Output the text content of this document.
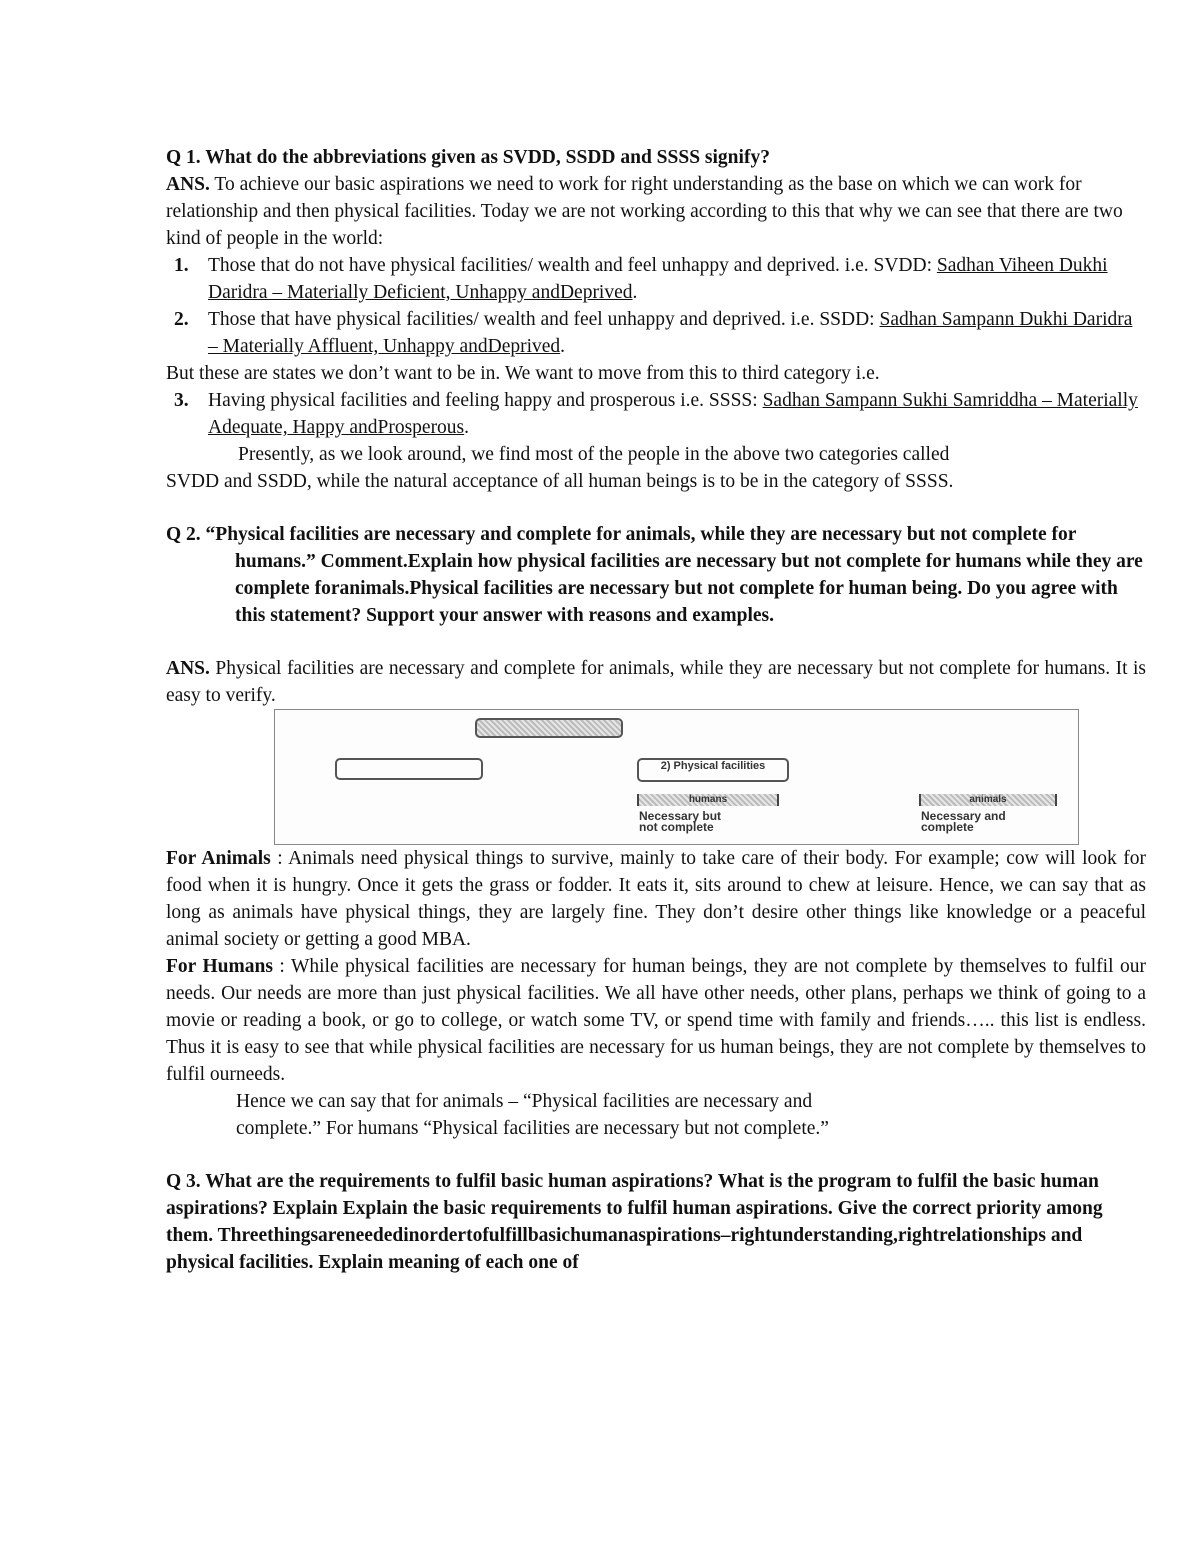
Q 1. What do the abbreviations given as SVDD, SSDD and SSSS signify?

ANS. To achieve our basic aspirations we need to work for right understanding as the base on which we can work for relationship and then physical facilities. Today we are not working according to this that why we can see that there are two kind of people in the world:

1. Those that do not have physical facilities/ wealth and feel unhappy and deprived. i.e. SVDD: Sadhan Viheen Dukhi Daridra – Materially Deficient, Unhappy andDeprived.
2. Those that have physical facilities/ wealth and feel unhappy and deprived. i.e. SSDD: Sadhan Sampann Dukhi Daridra – Materially Affluent, Unhappy andDeprived.

But these are states we don’t want to be in. We want to move from this to third category i.e.

3. Having physical facilities and feeling happy and prosperous i.e. SSSS: Sadhan Sampann Sukhi Samriddha – Materially Adequate, Happy andProsperous.

Presently, as we look around, we find most of the people in the above two categories called

SVDD and SSDD, while the natural acceptance of all human beings is to be in the category of SSSS.

Q 2. “Physical facilities are necessary and complete for animals, while they are necessary but not complete for humans.” Comment.Explain how physical facilities are necessary but not complete for humans while they are complete foranimals.Physical facilities are necessary but not complete for human being. Do you agree with this statement? Support your answer with reasons and examples.

ANS. Physical facilities are necessary and complete for animals, while they are necessary but not complete for humans. It is easy to verify.

2) Physical facilities
humans
Necessary but not complete
animals
Necessary and complete

For Animals : Animals need physical things to survive, mainly to take care of their body. For example; cow will look for food when it is hungry. Once it gets the grass or fodder. It eats it, sits around to chew at leisure. Hence, we can say that as long as animals have physical things, they are largely fine. They don’t desire other things like knowledge or a peaceful animal society or getting a good MBA.

For Humans : While physical facilities are necessary for human beings, they are not complete by themselves to fulfil our needs. Our needs are more than just physical facilities. We all have other needs, other plans, perhaps we think of going to a movie or reading a book, or go to college, or watch some TV, or spend time with family and friends….. this list is endless. Thus it is easy to see that while physical facilities are necessary for us human beings, they are not complete by themselves to fulfil ourneeds.

Hence we can say that for animals – “Physical facilities are necessary and

complete.” For humans “Physical facilities are necessary but not complete.”

Q 3. What are the requirements to fulfil basic human aspirations? What is the program to fulfil the basic human aspirations? Explain Explain the basic requirements to fulfil human aspirations. Give the correct priority among them. Threethingsareneededinordertofulfillbasichumanaspirations–rightunderstanding,rightrelationships and physical facilities. Explain meaning of each one of
